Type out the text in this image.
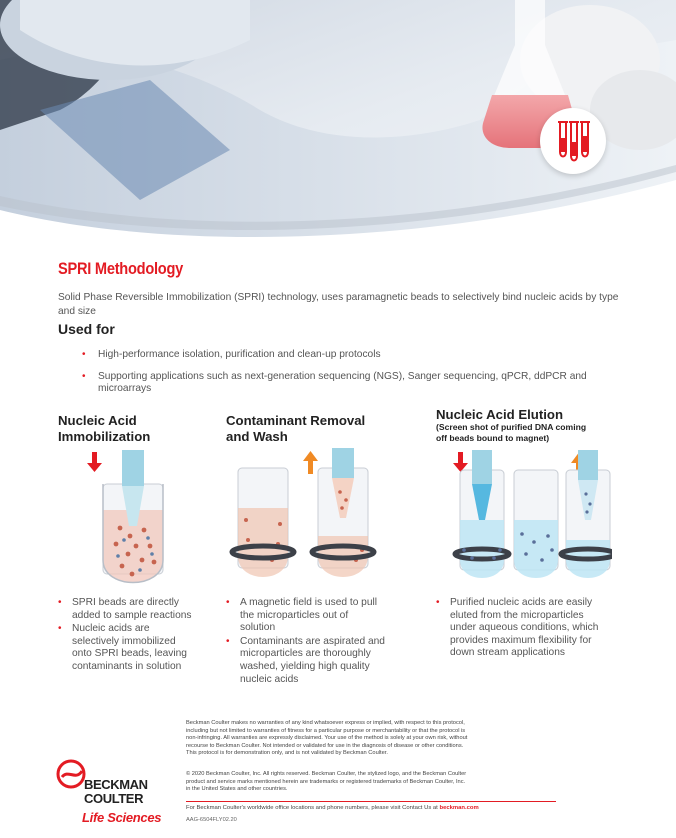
SPRI Methodology

Solid Phase Reversible Immobilization (SPRI) technology, uses paramagnetic beads to selectively bind nucleic acids by type and size

Used for
• High-performance isolation, purification and clean-up protocols
• Supporting applications such as next-generation sequencing (NGS), Sanger sequencing, qPCR, ddPCR and microarrays
Nucleic Acid
Immobilization
• SPRI beads are directly added to sample reactions
• Nucleic acids are selectively immobilized onto SPRI beads, leaving contaminants in solution
Contaminant Removal
and Wash
• A magnetic field is used to pull the microparticles out of solution
• Contaminants are aspirated and microparticles are thoroughly washed, yielding high quality nucleic acids
Nucleic Acid Elution
(Screen shot of purified DNA coming
off beads bound to magnet)
• Purified nucleic acids are easily eluted from the microparticles under aqueous conditions, which provides maximum flexibility for down stream applications
BECKMAN
COULTER
Life Sciences
Beckman Coulter makes no warranties of any kind whatsoever express or implied, with respect to this protocol,
including but not limited to warranties of fitness for a particular purpose or merchantability or that the protocol is
non-infringing. All warranties are expressly disclaimed. Your use of the method is solely at your own risk, without
recourse to Beckman Coulter. Not intended or validated for use in the diagnosis of disease or other conditions.
This protocol is for demonstration only, and is not validated by Beckman Coulter.
© 2020 Beckman Coulter, Inc. All rights reserved. Beckman Coulter, the stylized logo, and the Beckman Coulter
product and service marks mentioned herein are trademarks or registered trademarks of Beckman Coulter, Inc.
in the United States and other countries.
For Beckman Coulter's worldwide office locations and phone numbers, please visit Contact Us at beckman.com
AAG-6504FLY02.20
